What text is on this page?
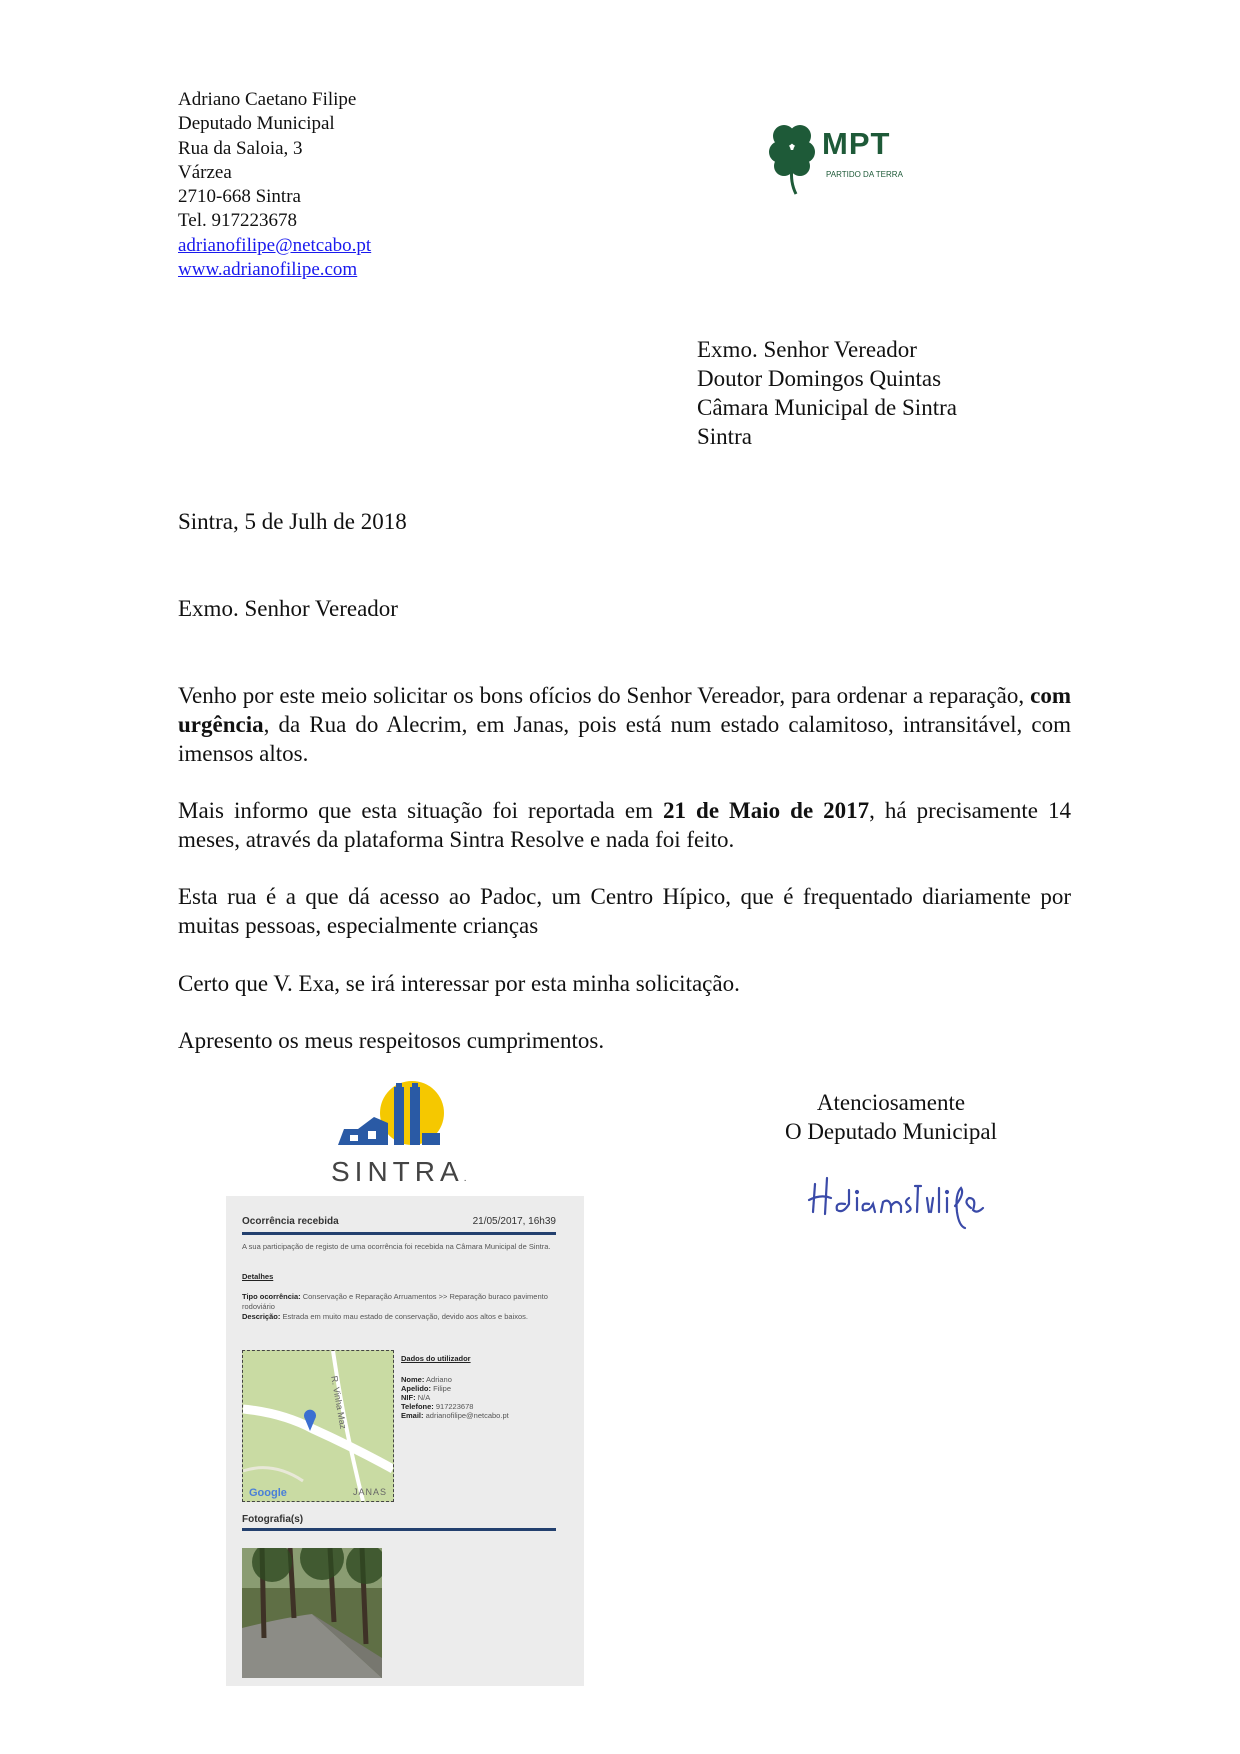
Adriano Caetano Filipe
Deputado Municipal
Rua da Saloia, 3
Várzea
2710-668 Sintra
Tel. 917223678
adrianofilipe@netcabo.pt
www.adrianofilipe.com
MPT
PARTIDO DA TERRA
Exmo. Senhor Vereador
Doutor Domingos Quintas
Câmara Municipal de Sintra
Sintra
Sintra, 5 de Julh de 2018
Exmo. Senhor Vereador

Venho por este meio solicitar os bons ofícios do Senhor Vereador, para ordenar a reparação, com urgência, da Rua do Alecrim, em Janas, pois está num estado calamitoso, intransitável, com imensos altos.

Mais informo que esta situação foi reportada em 21 de Maio de 2017, há precisamente 14 meses, através da plataforma Sintra Resolve e nada foi feito.

Esta rua é a que dá acesso ao Padoc, um Centro Hípico, que é frequentado diariamente por muitas pessoas, especialmente crianças

Certo que V. Exa, se irá interessar por esta minha solicitação.

Apresento os meus respeitosos cumprimentos.

Atenciosamente
O Deputado Municipal
SINTRA.
Ocorrência recebida	21/05/2017, 16h39
A sua participação de registo de uma ocorrência foi recebida na Câmara Municipal de Sintra.
Detalhes
Tipo ocorrência: Conservação e Reparação Arruamentos >> Reparação buraco pavimento rodoviário
Descrição: Estrada em muito mau estado de conservação, devido aos altos e baixos.
R. Vinha Maz
JANAS
Google
Dados do utilizador
Nome: Adriano
Apelido: Filipe
NIF: N/A
Telefone: 917223678
Email: adrianofilipe@netcabo.pt
Fotografia(s)
